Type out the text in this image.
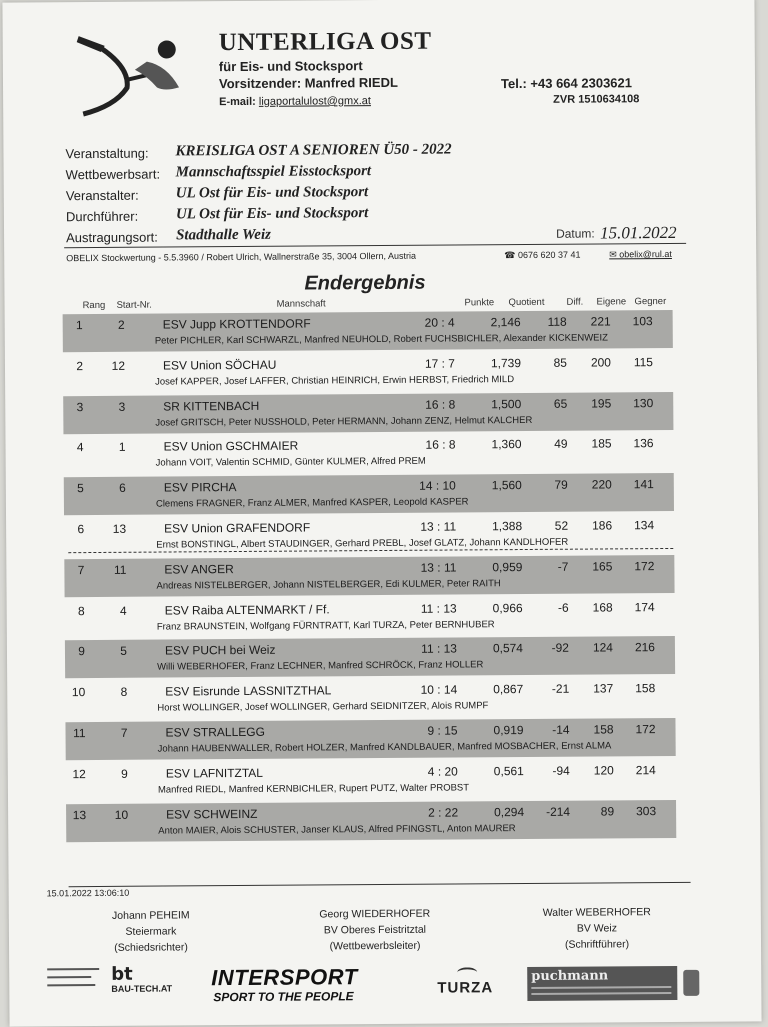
UNTERLIGA OST
für Eis- und Stocksport
Vorsitzender: Manfred RIEDL	Tel.: +43 664 2303621
E-mail: ligaportalulost@gmx.at	ZVR 1510634108
Veranstaltung: KREISLIGA OST A SENIOREN Ü50 - 2022
Wettbewerbsart: Mannschaftsspiel Eisstocksport
Veranstalter: UL Ost für Eis- und Stocksport
Durchführer:	UL Ost für Eis- und Stocksport
Austragungsort: Stadthalle Weiz	Datum: 15.01.2022
OBELIX Stockwertung - 5.5.3960 / Robert Ulrich, Wallnerstraße 35, 3004 Ollern, Austria	☎ 0676 620 37 41	✉ obelix@rul.at
Endergebnis
Rang Start-Nr.	Mannschaft	Punkte Quotient Diff. Eigene Gegner
1	2	ESV Jupp KROTTENDORF	20 : 4	2,146	118	221	103
Peter PICHLER, Karl SCHWARZL, Manfred NEUHOLD, Robert FUCHSBICHLER, Alexander KICKENWEIZ
2	12	ESV Union SÖCHAU	17 : 7	1,739	85	200	115
Josef KAPPER, Josef LAFFER, Christian HEINRICH, Erwin HERBST, Friedrich MILD
3	3	SR KITTENBACH	16 : 8	1,500	65	195	130
Josef GRITSCH, Peter NUSSHOLD, Peter HERMANN, Johann ZENZ, Helmut KALCHER
4	1	ESV Union GSCHMAIER	16 : 8	1,360	49	185	136
Johann VOIT, Valentin SCHMID, Günter KULMER, Alfred PREM
5	6	ESV PIRCHA	14 : 10	1,560	79	220	141
Clemens FRAGNER, Franz ALMER, Manfred KASPER, Leopold KASPER
6	13	ESV Union GRAFENDORF	13 : 11	1,388	52	186	134
Ernst BONSTINGL, Albert STAUDINGER, Gerhard PREBL, Josef GLATZ, Johann KANDLHOFER
7	11	ESV ANGER	13 : 11	0,959	-7	165	172
Andreas NISTELBERGER, Johann NISTELBERGER, Edi KULMER, Peter RAITH
8	4	ESV Raiba ALTENMARKT / Ff.	11 : 13	0,966	-6	168	174
Franz BRAUNSTEIN, Wolfgang FÜRNTRATT, Karl TURZA, Peter BERNHUBER
9	5	ESV PUCH bei Weiz	11 : 13	0,574	-92	124	216
Willi WEBERHOFER, Franz LECHNER, Manfred SCHRÖCK, Franz HOLLER
10	8	ESV Eisrunde LASSNITZTHAL	10 : 14	0,867	-21	137	158
Horst WOLLINGER, Josef WOLLINGER, Gerhard SEIDNITZER, Alois RUMPF
11	7	ESV STRALLEGG	9 : 15	0,919	-14	158	172
Johann HAUBENWALLER, Robert HOLZER, Manfred KANDLBAUER, Manfred MOSBACHER, Ernst ALMA
12	9	ESV LAFNITZTAL	4 : 20	0,561	-94	120	214
Manfred RIEDL, Manfred KERNBICHLER, Rupert PUTZ, Walter PROBST
13	10	ESV SCHWEINZ	2 : 22	0,294	-214	89	303
Anton MAIER, Alois SCHUSTER, Janser KLAUS, Alfred PFINGSTL, Anton MAURER
15.01.2022 13:06:10
Johann PEHEIM
Steiermark
(Schiedsrichter)
Georg WIEDERHOFER
BV Oberes Feistritztal
(Wettbewerbsleiter)
Walter WEBERHOFER
BV Weiz
(Schriftführer)
bt
BAU-TECH.AT INTERSPORT
SPORT TO THE PEOPLE
TURZA
puchmann
